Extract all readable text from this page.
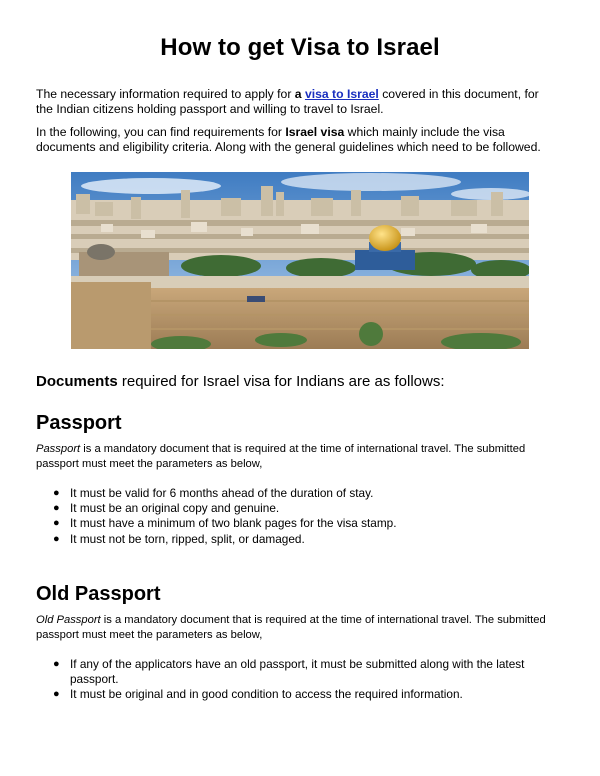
How to get Visa to Israel

The necessary information required to apply for a visa to Israel covered in this document, for the Indian citizens holding passport and willing to travel to Israel.

In the following, you can find requirements for Israel visa which mainly include the visa documents and eligibility criteria. Along with the general guidelines which need to be followed.

Documents required for Israel visa for Indians are as follows:

Passport

Passport is a mandatory document that is required at the time of international travel. The submitted passport must meet the parameters as below,

● It must be valid for 6 months ahead of the duration of stay.
● It must be an original copy and genuine.
● It must have a minimum of two blank pages for the visa stamp.
● It must not be torn, ripped, split, or damaged.
Old Passport

Old Passport is a mandatory document that is required at the time of international travel. The submitted passport must meet the parameters as below,

● If any of the applicators have an old passport, it must be submitted along with the latest passport.
● It must be original and in good condition to access the required information.
